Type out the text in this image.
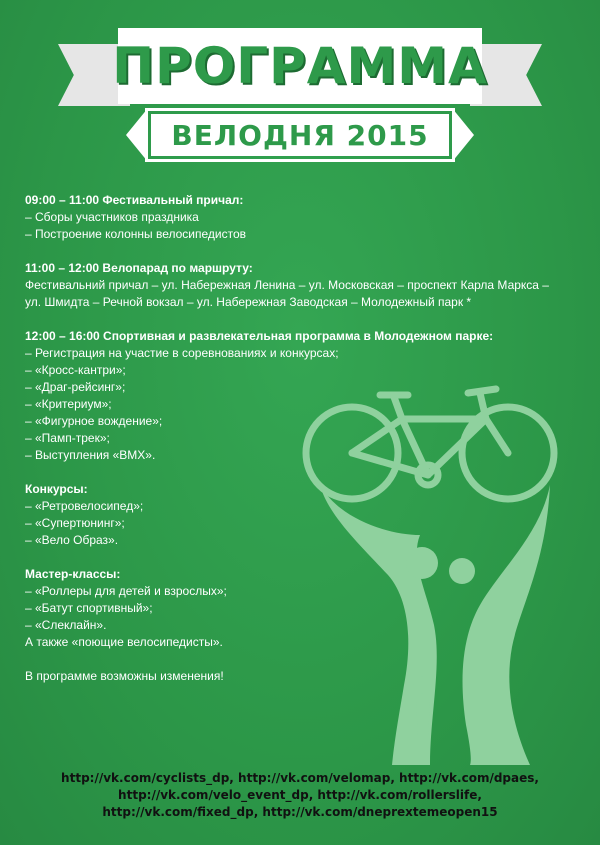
ПРОГРАММА
ВЕЛОДНЯ 2015
09:00 – 11:00 Фестивальный причал:
– Сборы участников праздника
– Построение колонны велосипедистов
11:00 – 12:00 Велопарад по маршруту:
Фестивальний причал – ул. Набережная Ленина – ул. Московская – проспект Карла Маркса –
ул. Шмидта – Речной вокзал – ул. Набережная Заводская – Молодежный парк *
12:00 – 16:00 Спортивная и развлекательная программа в Молодежном парке:
– Регистрация на участие в соревнованиях и конкурсах;
– «Кросс-кантри»;
– «Драг-рейсинг»;
– «Критериум»;
– «Фигурное вождение»;
– «Памп-трек»;
– Выступления «BMX».
Конкурсы:
– «Ретровелосипед»;
– «Супертюнинг»;
– «Вело Образ».
Мастер-классы:
– «Роллеры для детей и взрослых»;
– «Батут спортивный»;
– «Слеклайн».
А также «поющие велосипедисты».
В программе возможны изменения!
http://vk.com/cyclists_dp, http://vk.com/velomap, http://vk.com/dpaes,
http://vk.com/velo_event_dp, http://vk.com/rollerslife,
http://vk.com/fixed_dp, http://vk.com/dneprextemeopen15
